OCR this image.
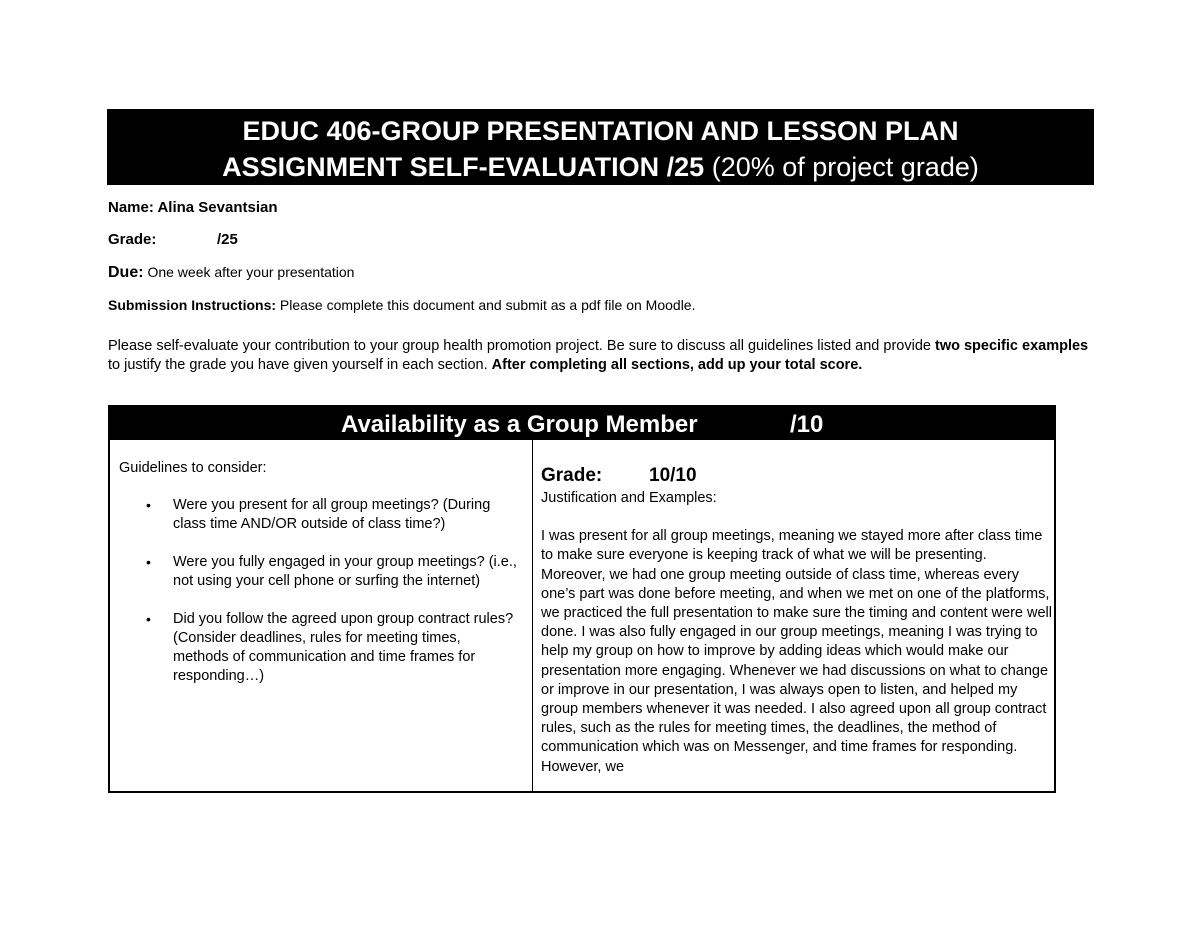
EDUC 406-GROUP PRESENTATION AND LESSON PLAN
ASSIGNMENT SELF-EVALUATION /25 (20% of project grade)
Name: Alina Sevantsian
Grade:	/25
Due: One week after your presentation
Submission Instructions: Please complete this document and submit as a pdf file on Moodle.
Please self-evaluate your contribution to your group health promotion project. Be sure to discuss all guidelines listed and provide two specific examples to justify the grade you have given yourself in each section. After completing all sections, add up your total score.
Availability as a Group Member	/10
Guidelines to consider:
• Were you present for all group meetings? (During class time AND/OR outside of class time?)
• Were you fully engaged in your group meetings? (i.e., not using your cell phone or surfing the internet)
• Did you follow the agreed upon group contract rules? (Consider deadlines, rules for meeting times, methods of communication and time frames for responding…)
Grade: 10/10
Justification and Examples:
I was present for all group meetings, meaning we stayed more after class time to make sure everyone is keeping track of what we will be presenting. Moreover, we had one group meeting outside of class time, whereas every one’s part was done before meeting, and when we met on one of the platforms, we practiced the full presentation to make sure the timing and content were well done. I was also fully engaged in our group meetings, meaning I was trying to help my group on how to improve by adding ideas which would make our presentation more engaging. Whenever we had discussions on what to change or improve in our presentation, I was always open to listen, and helped my group members whenever it was needed. I also agreed upon all group contract rules, such as the rules for meeting times, the deadlines, the method of communication which was on Messenger, and time frames for responding. However, we
